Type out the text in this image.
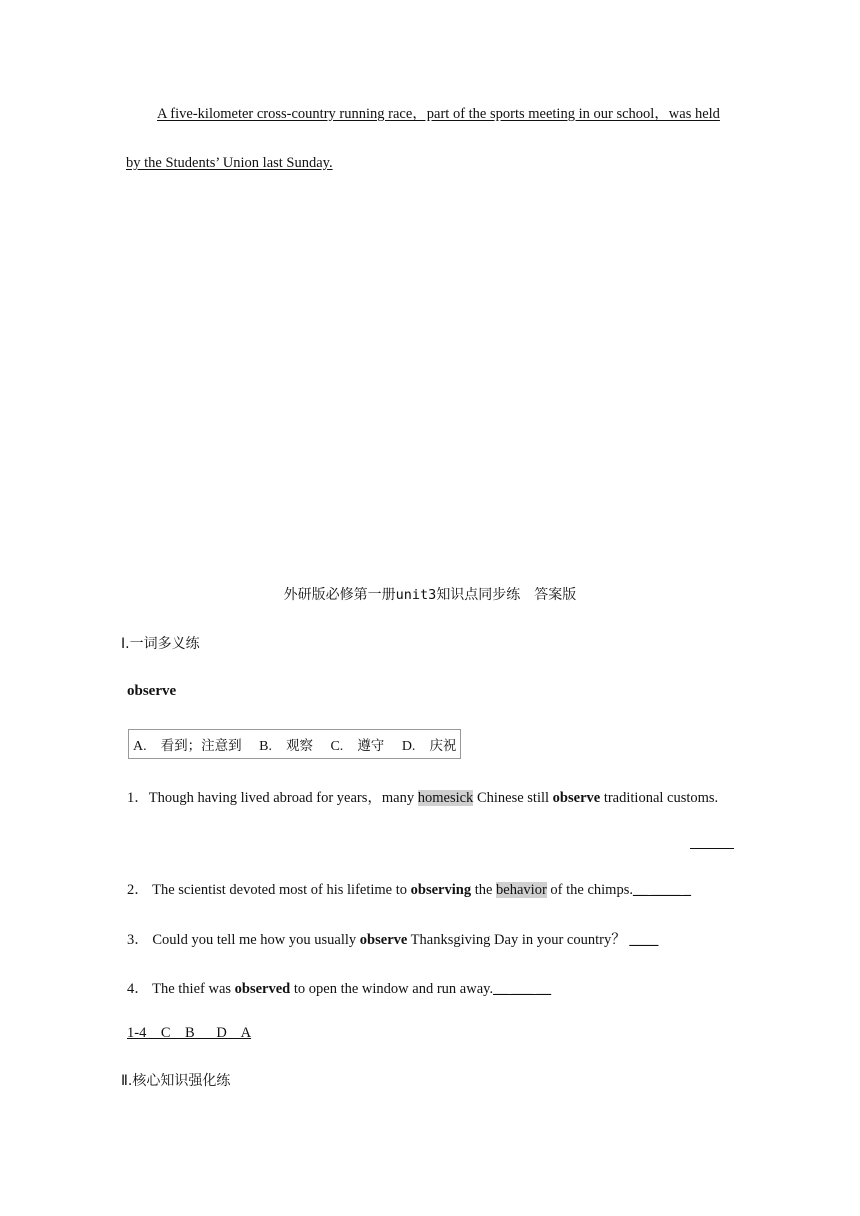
A five-kilometer cross-country running race，part of the sports meeting in our school，was held
by the Students’ Union last Sunday.
外研版必修第一册unit3知识点同步练　答案版
Ⅰ.一词多义练
observe
A. 看到；注意到 B. 观察 C. 遵守 D. 庆祝
1．Though having lived abroad for years，many homesick Chinese still observe traditional customs.
2． The scientist devoted most of his lifetime to observing the behavior of the chimps.__ ____ _
3． Could you tell me how you usually observe Thanksgiving Day in your country？ ____
4． The thief was observed to open the window and run away.__ ___ __
1-4    C    B      D    A
Ⅱ.核心知识强化练
